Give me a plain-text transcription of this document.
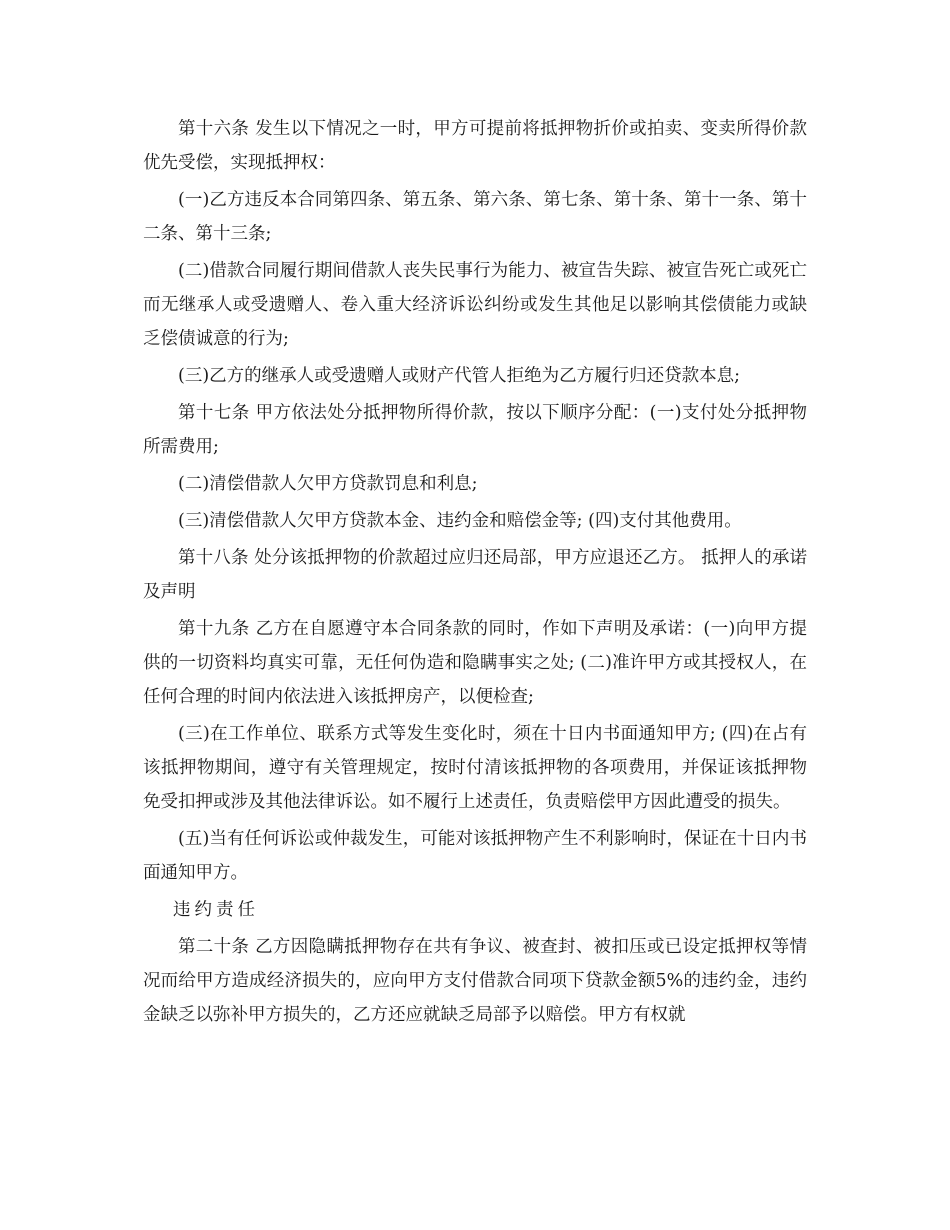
第十六条 发生以下情况之一时，甲方可提前将抵押物折价或拍卖、变卖所得价款优先受偿，实现抵押权：

(一)乙方违反本合同第四条、第五条、第六条、第七条、第十条、第十一条、第十二条、第十三条;

(二)借款合同履行期间借款人丧失民事行为能力、被宣告失踪、被宣告死亡或死亡而无继承人或受遗赠人、卷入重大经济诉讼纠纷或发生其他足以影响其偿债能力或缺乏偿债诚意的行为;

(三)乙方的继承人或受遗赠人或财产代管人拒绝为乙方履行归还贷款本息;

第十七条 甲方依法处分抵押物所得价款，按以下顺序分配：(一)支付处分抵押物所需费用;

(二)清偿借款人欠甲方贷款罚息和利息;

(三)清偿借款人欠甲方贷款本金、违约金和赔偿金等; (四)支付其他费用。

第十八条 处分该抵押物的价款超过应归还局部，甲方应退还乙方。 抵押人的承诺及声明

第十九条 乙方在自愿遵守本合同条款的同时，作如下声明及承诺：(一)向甲方提供的一切资料均真实可靠，无任何伪造和隐瞒事实之处; (二)准许甲方或其授权人，在任何合理的时间内依法进入该抵押房产，以便检查;

(三)在工作单位、联系方式等发生变化时，须在十日内书面通知甲方; (四)在占有该抵押物期间，遵守有关管理规定，按时付清该抵押物的各项费用，并保证该抵押物免受扣押或涉及其他法律诉讼。如不履行上述责任，负责赔偿甲方因此遭受的损失。

(五)当有任何诉讼或仲裁发生，可能对该抵押物产生不利影响时，保证在十日内书面通知甲方。

违约责任

第二十条 乙方因隐瞒抵押物存在共有争议、被查封、被扣压或已设定抵押权等情况而给甲方造成经济损失的，应向甲方支付借款合同项下贷款金额5%的违约金，违约金缺乏以弥补甲方损失的，乙方还应就缺乏局部予以赔偿。甲方有权就
